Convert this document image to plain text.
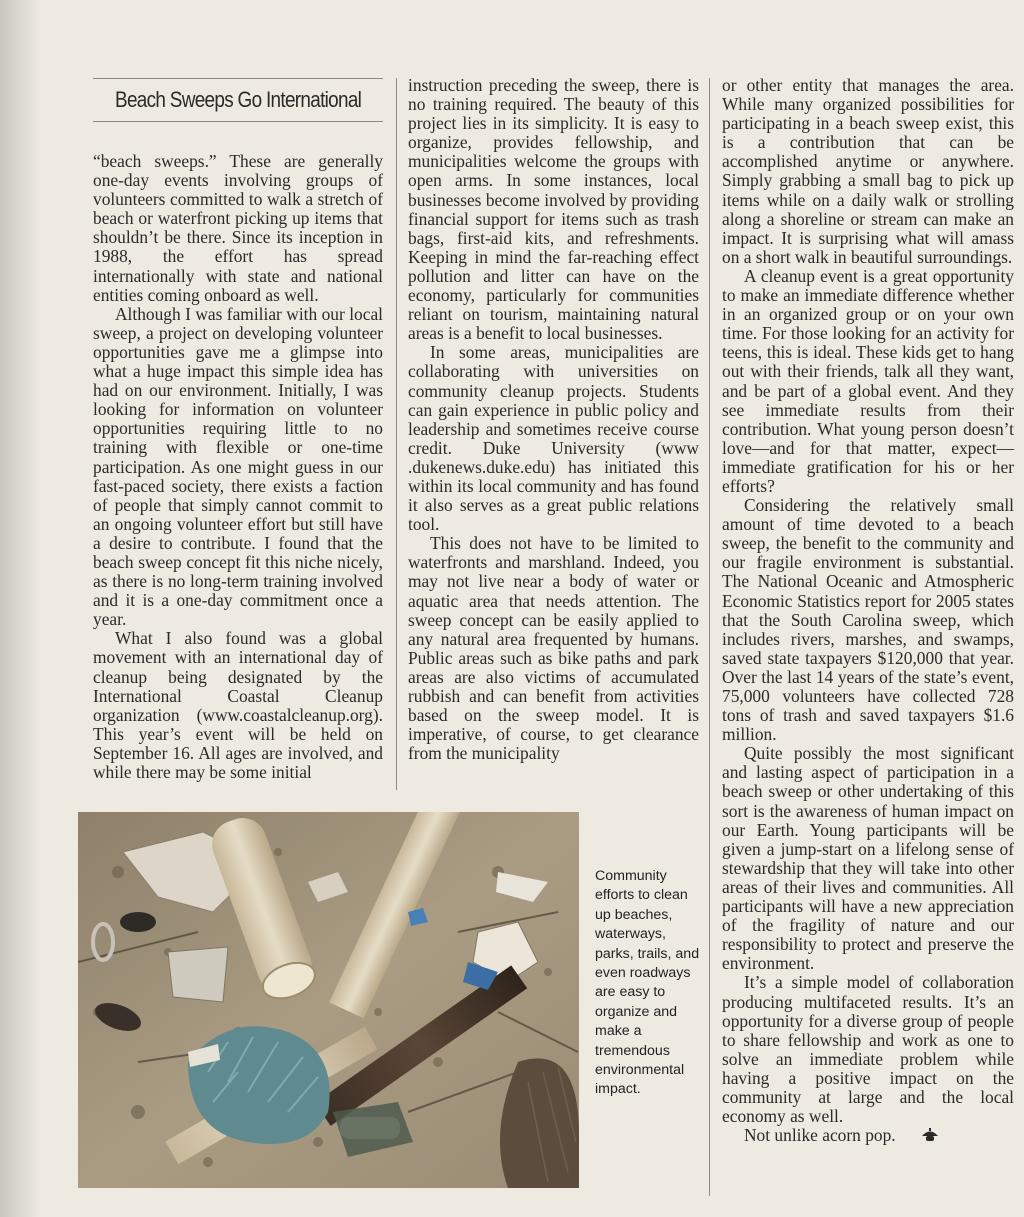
Beach Sweeps Go International

“beach sweeps.” These are generally one-day events involving groups of volunteers committed to walk a stretch of beach or waterfront picking up items that shouldn’t be there. Since its inception in 1988, the effort has spread internationally with state and national entities coming onboard as well.

Although I was familiar with our local sweep, a project on developing volunteer opportunities gave me a glimpse into what a huge impact this simple idea has had on our environment. Initially, I was looking for information on volunteer opportunities requiring little to no training with flexible or one-time participation. As one might guess in our fast-paced society, there exists a faction of people that simply cannot commit to an ongoing volunteer effort but still have a desire to contribute. I found that the beach sweep concept fit this niche nicely, as there is no long-term training involved and it is a one-day commitment once a year.

What I also found was a global movement with an international day of cleanup being designated by the International Coastal Cleanup organization (www.coastalcleanup.org). This year’s event will be held on September 16. All ages are involved, and while there may be some initial

instruction preceding the sweep, there is no training required. The beauty of this project lies in its simplicity. It is easy to organize, provides fellowship, and municipalities welcome the groups with open arms. In some instances, local businesses become involved by providing financial support for items such as trash bags, first-aid kits, and refreshments. Keeping in mind the far-reaching effect pollution and litter can have on the economy, particularly for communities reliant on tourism, maintaining natural areas is a benefit to local businesses.

In some areas, municipalities are collaborating with universities on community cleanup projects. Students can gain experience in public policy and leadership and sometimes receive course credit. Duke University (www .dukenews.duke.edu) has initiated this within its local community and has found it also serves as a great public relations tool.

This does not have to be limited to waterfronts and marshland. Indeed, you may not live near a body of water or aquatic area that needs attention. The sweep concept can be easily applied to any natural area frequented by humans. Public areas such as bike paths and park areas are also victims of accumulated rubbish and can benefit from activities based on the sweep model. It is imperative, of course, to get clearance from the municipality

or other entity that manages the area. While many organized possibilities for participating in a beach sweep exist, this is a contribution that can be accomplished anytime or anywhere. Simply grabbing a small bag to pick up items while on a daily walk or strolling along a shoreline or stream can make an impact. It is surprising what will amass on a short walk in beautiful surroundings.

A cleanup event is a great opportunity to make an immediate difference whether in an organized group or on your own time. For those looking for an activity for teens, this is ideal. These kids get to hang out with their friends, talk all they want, and be part of a global event. And they see immediate results from their contribution. What young person doesn’t love—and for that matter, expect—immediate gratification for his or her efforts?

Considering the relatively small amount of time devoted to a beach sweep, the benefit to the community and our fragile environment is substantial. The National Oceanic and Atmospheric Economic Statistics report for 2005 states that the South Carolina sweep, which includes rivers, marshes, and swamps, saved state taxpayers $120,000 that year. Over the last 14 years of the state’s event, 75,000 volunteers have collected 728 tons of trash and saved taxpayers $1.6 million.

Quite possibly the most significant and lasting aspect of participation in a beach sweep or other undertaking of this sort is the awareness of human impact on our Earth. Young participants will be given a jump-start on a lifelong sense of stewardship that they will take into other areas of their lives and communities. All participants will have a new appreciation of the fragility of nature and our responsibility to protect and preserve the environment.

It’s a simple model of collaboration producing multifaceted results. It’s an opportunity for a diverse group of people to share fellowship and work as one to solve an immediate problem while having a positive impact on the community at large and the local economy as well.

Not unlike acorn pop.

Community efforts to clean up beaches, waterways, parks, trails, and even roadways are easy to organize and make a tremendous environmental impact.
